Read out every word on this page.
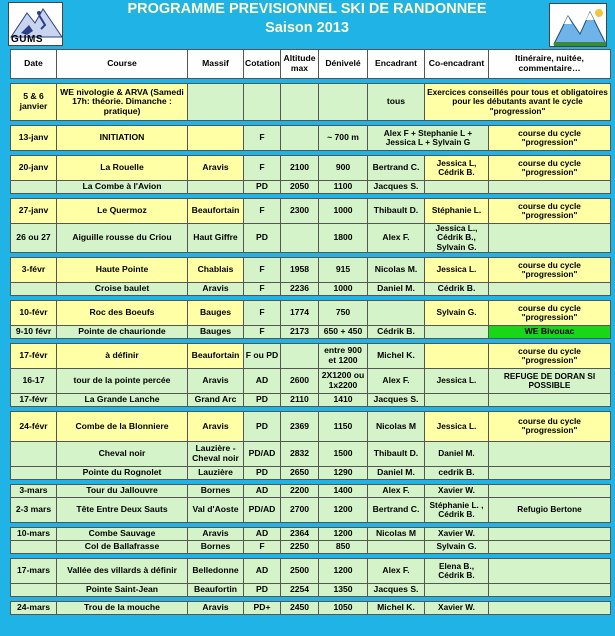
GUMS
PROGRAMME PREVISIONNEL SKI DE RANDONNEE
Saison 2013
Date	Course	Massif	Cotation	Altitude max	Dénivelé	Encadrant	Co-encadrant	Itinéraire, nuitée, commentaire…

5 & 6 janvier	WE nivologie & ARVA (Samedi 17h: théorie. Dimanche : pratique)					tous	Exercices conseillés pour tous et obligatoires pour les débutants avant le cycle "progression"	

13-janv	INITIATION		F		~ 700 m	Alex F + Stephanie L + Jessica L + Sylvain G		course du cycle "progression"

20-janv	La Rouelle	Aravis	F	2100	900	Bertrand C.	Jessica L, Cédrik B.	course du cycle "progression"
	La Combe à l'Avion		PD	2050	1100	Jacques S.		

27-janv	Le Quermoz	Beaufortain	F	2300	1000	Thibault D.	Stéphanie L.	course du cycle "progression"
26 ou 27	Aiguille rousse du Criou	Haut Giffre	PD		1800	Alex F.	Jessica L., Cédrik B., Sylvain G.	

3-févr	Haute Pointe	Chablais	F	1958	915	Nicolas M.	Jessica L.	course du cycle "progression"
	Croise baulet	Aravis	F	2236	1000	Daniel M.	Cédrik B.	

10-févr	Roc des Boeufs	Bauges	F	1774	750		Sylvain G.	course du cycle "progression"
9-10 févr	Pointe de chaurionde	Bauges	F	2173	650 + 450	Cédrik B.		WE Bivouac

17-févr	à définir	Beaufortain	F ou PD		entre 900 et 1200	Michel K.		course du cycle "progression"
16-17	tour de la pointe percée	Aravis	AD	2600	2X1200 ou 1x2200	Alex F.	Jessica L.	REFUGE DE DORAN SI POSSIBLE
17-févr	La Grande Lanche	Grand Arc	PD	2110	1410	Jacques S.		

24-févr	Combe de la Blonniere	Aravis	PD	2369	1150	Nicolas M	Jessica L.	course du cycle "progression"
	Cheval noir	Lauzière - Cheval noir	PD/AD	2832	1500	Thibault D.	Daniel M.	
	Pointe du Rognolet	Lauzière	PD	2650	1290	Daniel M.	cedrik B.	

3-mars	Tour du Jallouvre	Bornes	AD	2200	1400	Alex F.	Xavier W.	
2-3 mars	Tête Entre Deux Sauts	Val d'Aoste	PD/AD	2700	1200	Bertrand C.	Stéphanie L. , Cédrik B.	Refugio Bertone

10-mars	Combe Sauvage	Aravis	AD	2364	1200	Nicolas M	Xavier W.	
	Col de Ballafrasse	Bornes	F	2250	850		Sylvain G.	

17-mars	Vallée des villards à définir	Belledonne	AD	2500	1200	Alex F.	Elena B., Cédrik B.	
	Pointe Saint-Jean	Beaufortin	PD	2254	1350	Jacques S.		

24-mars	Trou de la mouche	Aravis	PD+	2450	1050	Michel K.	Xavier W.	
